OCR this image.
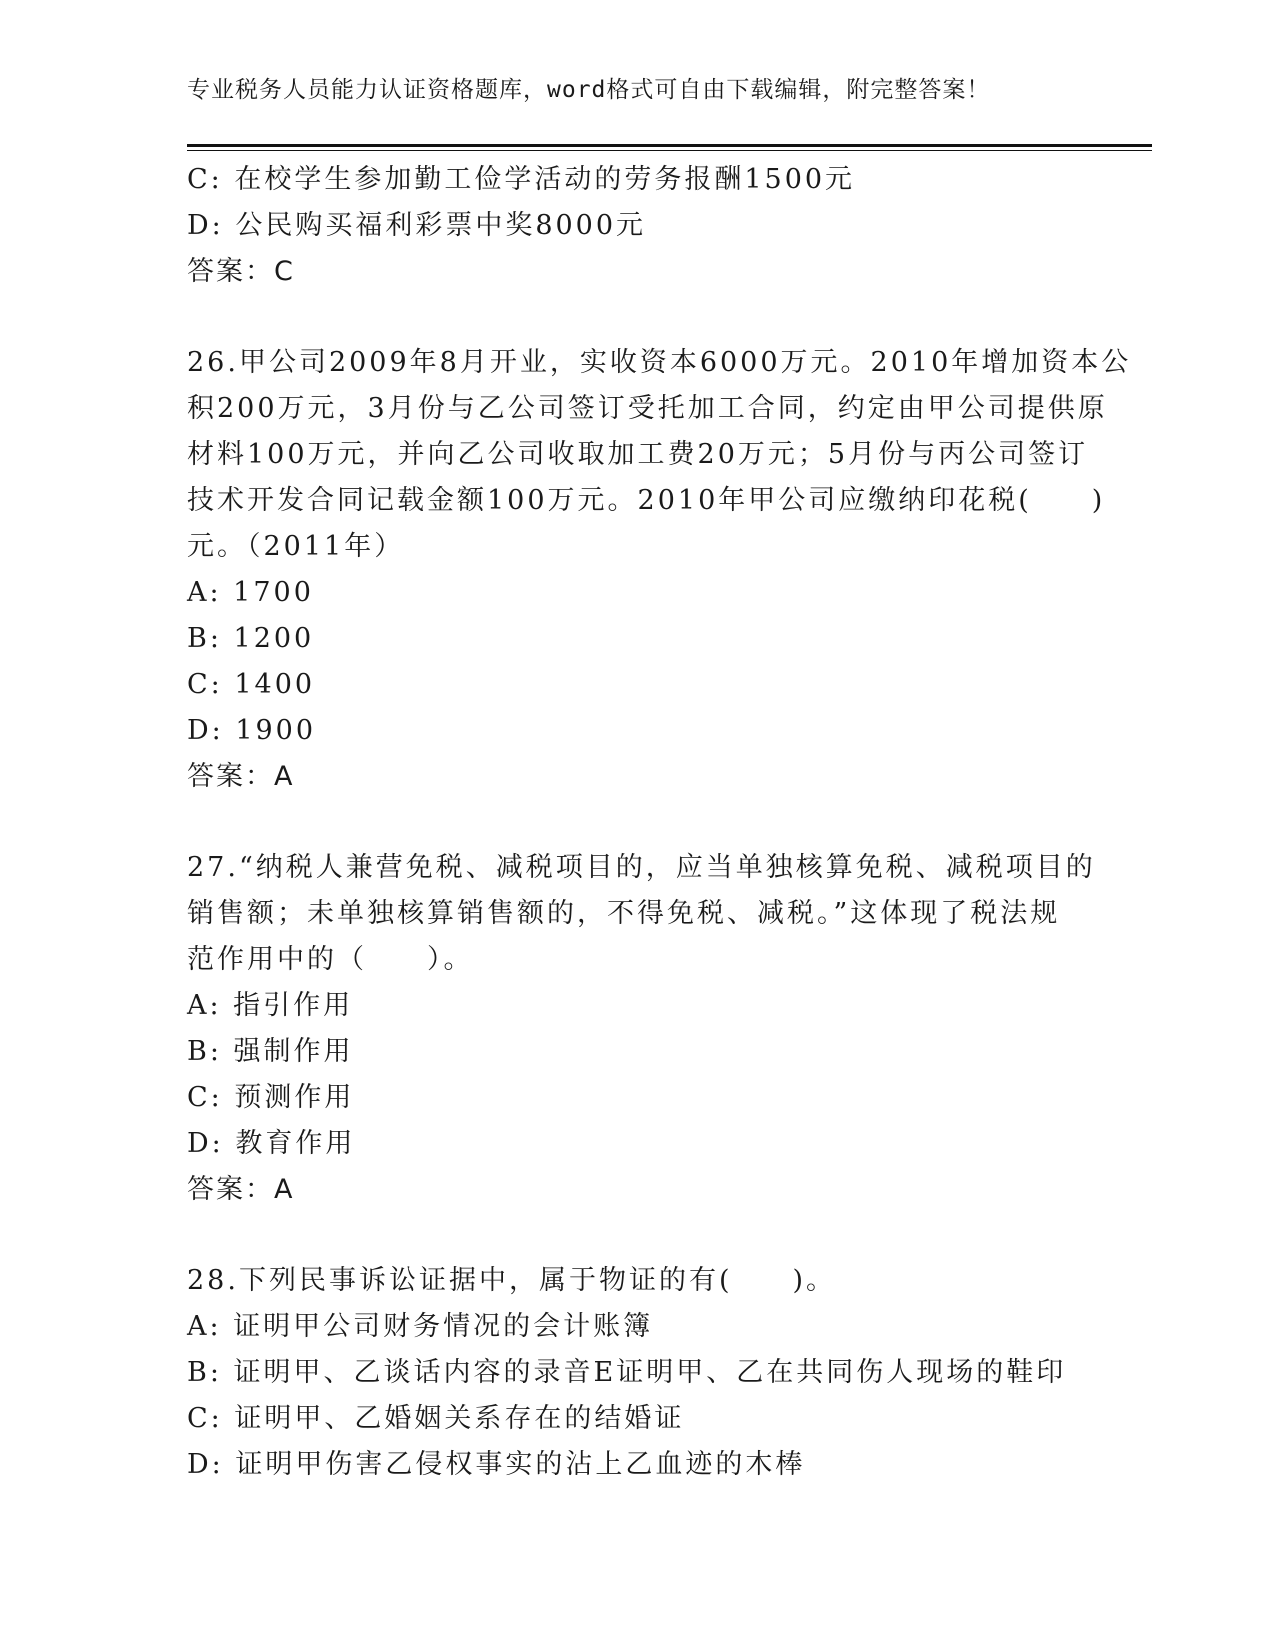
专业税务人员能力认证资格题库，word格式可自由下载编辑，附完整答案！
C: 在校学生参加勤工俭学活动的劳务报酬1500元
D: 公民购买福利彩票中奖8000元
答案：C
26.甲公司2009年8月开业，实收资本6000万元。2010年增加资本公
积200万元，3月份与乙公司签订受托加工合同，约定由甲公司提供原
材料100万元，并向乙公司收取加工费20万元；5月份与丙公司签订
技术开发合同记载金额100万元。2010年甲公司应缴纳印花税(　　)
元。（2011年）
A: 1700
B: 1200
C: 1400
D: 1900
答案：A
27.“纳税人兼营免税、减税项目的，应当单独核算免税、减税项目的
销售额；未单独核算销售额的，不得免税、减税。”这体现了税法规
范作用中的（　　）。
A: 指引作用
B: 强制作用
C: 预测作用
D: 教育作用
答案：A
28.下列民事诉讼证据中，属于物证的有(　　)。
A: 证明甲公司财务情况的会计账簿
B: 证明甲、乙谈话内容的录音E证明甲、乙在共同伤人现场的鞋印
C: 证明甲、乙婚姻关系存在的结婚证
D: 证明甲伤害乙侵权事实的沾上乙血迹的木棒
